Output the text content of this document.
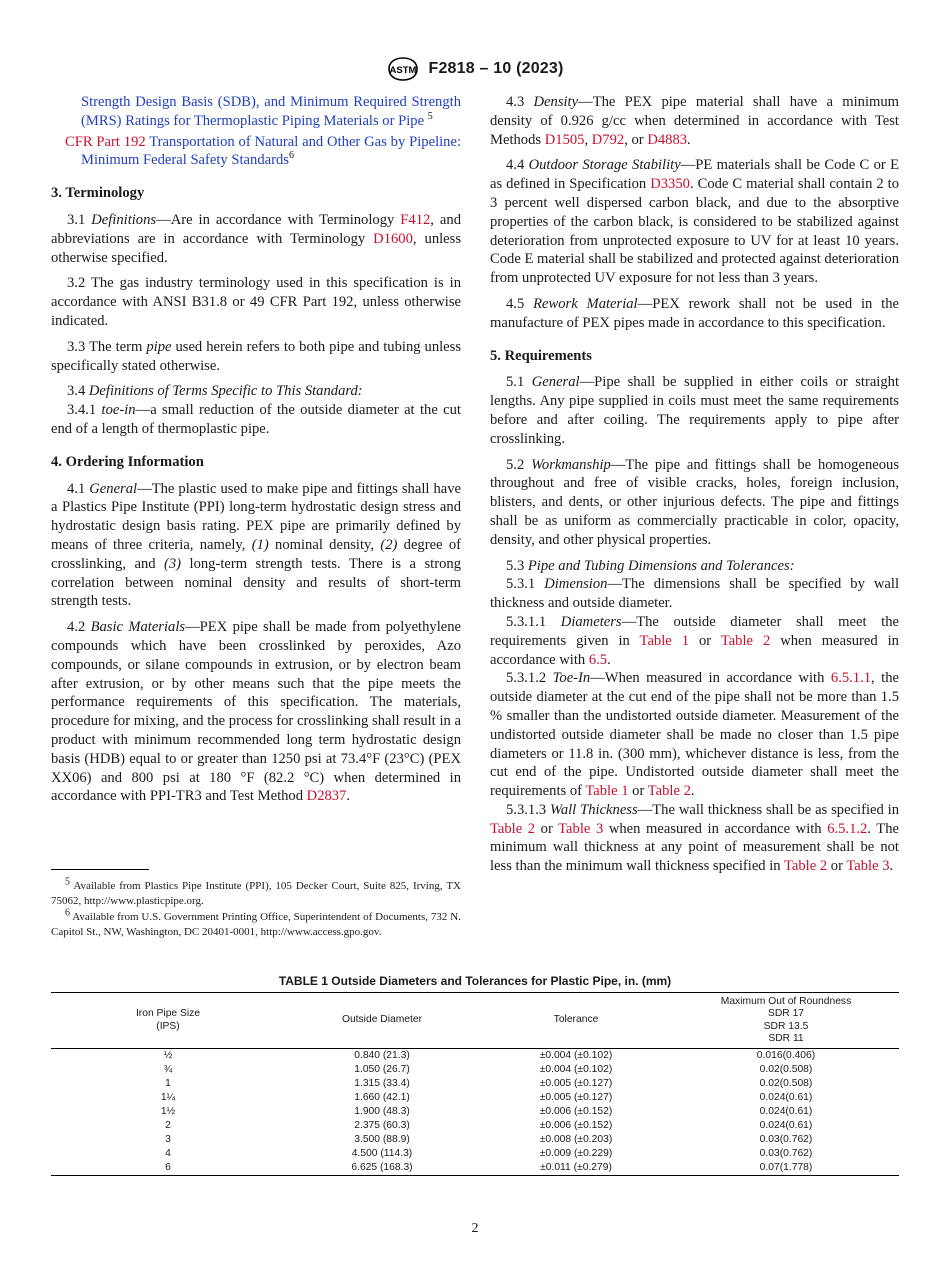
ASTM F2818 – 10 (2023)

Strength Design Basis (SDB), and Minimum Required Strength (MRS) Ratings for Thermoplastic Piping Materials or Pipe $^5$

CFR Part 192 Transportation of Natural and Other Gas by Pipeline: Minimum Federal Safety Standards$^6$

3. Terminology

3.1 Definitions—Are in accordance with Terminology F412, and abbreviations are in accordance with Terminology D1600, unless otherwise specified.

3.2 The gas industry terminology used in this specification is in accordance with ANSI B31.8 or 49 CFR Part 192, unless otherwise indicated.

3.3 The term pipe used herein refers to both pipe and tubing unless specifically stated otherwise.

3.4 Definitions of Terms Specific to This Standard:

3.4.1 toe-in—a small reduction of the outside diameter at the cut end of a length of thermoplastic pipe.

4. Ordering Information

4.1 General—The plastic used to make pipe and fittings shall have a Plastics Pipe Institute (PPI) long-term hydrostatic design stress and hydrostatic design basis rating. PEX pipe are primarily defined by means of three criteria, namely, (1) nominal density, (2) degree of crosslinking, and (3) long-term strength tests. There is a strong correlation between nominal density and results of short-term strength tests.

4.2 Basic Materials—PEX pipe shall be made from polyethylene compounds which have been crosslinked by peroxides, Azo compounds, or silane compounds in extrusion, or by electron beam after extrusion, or by other means such that the pipe meets the performance requirements of this specification. The materials, procedure for mixing, and the process for crosslinking shall result in a product with minimum recommended long term hydrostatic design basis (HDB) equal to or greater than 1250 psi at 73.4°F (23°C) (PEX XX06) and 800 psi at 180 °F (82.2 °C) when determined in accordance with PPI-TR3 and Test Method D2837.

$^5$ Available from Plastics Pipe Institute (PPI), 105 Decker Court, Suite 825, Irving, TX 75062, http://www.plasticpipe.org.

$^6$ Available from U.S. Government Printing Office, Superintendent of Documents, 732 N. Capitol St., NW, Washington, DC 20401-0001, http://www.access.gpo.gov.

4.3 Density—The PEX pipe material shall have a minimum density of 0.926 g/cc when determined in accordance with Test Methods D1505, D792, or D4883.

4.4 Outdoor Storage Stability—PE materials shall be Code C or E as defined in Specification D3350. Code C material shall contain 2 to 3 percent well dispersed carbon black, and due to the absorptive properties of the carbon black, is considered to be stabilized against deterioration from unprotected exposure to UV for at least 10 years. Code E material shall be stabilized and protected against deterioration from unprotected UV exposure for not less than 3 years.

4.5 Rework Material—PEX rework shall not be used in the manufacture of PEX pipes made in accordance to this specification.

5. Requirements

5.1 General—Pipe shall be supplied in either coils or straight lengths. Any pipe supplied in coils must meet the same requirements before and after coiling. The requirements apply to pipe after crosslinking.

5.2 Workmanship—The pipe and fittings shall be homogeneous throughout and free of visible cracks, holes, foreign inclusion, blisters, and dents, or other injurious defects. The pipe and fittings shall be as uniform as commercially practicable in color, opacity, density, and other physical properties.

5.3 Pipe and Tubing Dimensions and Tolerances:

5.3.1 Dimension—The dimensions shall be specified by wall thickness and outside diameter.

5.3.1.1 Diameters—The outside diameter shall meet the requirements given in Table 1 or Table 2 when measured in accordance with 6.5.

5.3.1.2 Toe-In—When measured in accordance with 6.5.1.1, the outside diameter at the cut end of the pipe shall not be more than 1.5 % smaller than the undistorted outside diameter. Measurement of the undistorted outside diameter shall be made no closer than 1.5 pipe diameters or 11.8 in. (300 mm), whichever distance is less, from the cut end of the pipe. Undistorted outside diameter shall meet the requirements of Table 1 or Table 2.

5.3.1.3 Wall Thickness—The wall thickness shall be as specified in Table 2 or Table 3 when measured in accordance with 6.5.1.2. The minimum wall thickness at any point of measurement shall be not less than the minimum wall thickness specified in Table 2 or Table 3.

TABLE 1 Outside Diameters and Tolerances for Plastic Pipe, in. (mm)
Iron Pipe Size
(IPS)	Outside Diameter	Tolerance	Maximum Out of Roundness
SDR 17
SDR 13.5
SDR 11
½	0.840 (21.3)	±0.004 (±0.102)	0.016(0.406)
¾	1.050 (26.7)	±0.004 (±0.102)	0.02(0.508)
1	1.315 (33.4)	±0.005 (±0.127)	0.02(0.508)
1¼	1.660 (42.1)	±0.005 (±0.127)	0.024(0.61)
1½	1.900 (48.3)	±0.006 (±0.152)	0.024(0.61)
2	2.375 (60.3)	±0.006 (±0.152)	0.024(0.61)
3	3.500 (88.9)	±0.008 (±0.203)	0.03(0.762)
4	4.500 (114.3)	±0.009 (±0.229)	0.03(0.762)
6	6.625 (168.3)	±0.011 (±0.279)	0.07(1.778)
2
